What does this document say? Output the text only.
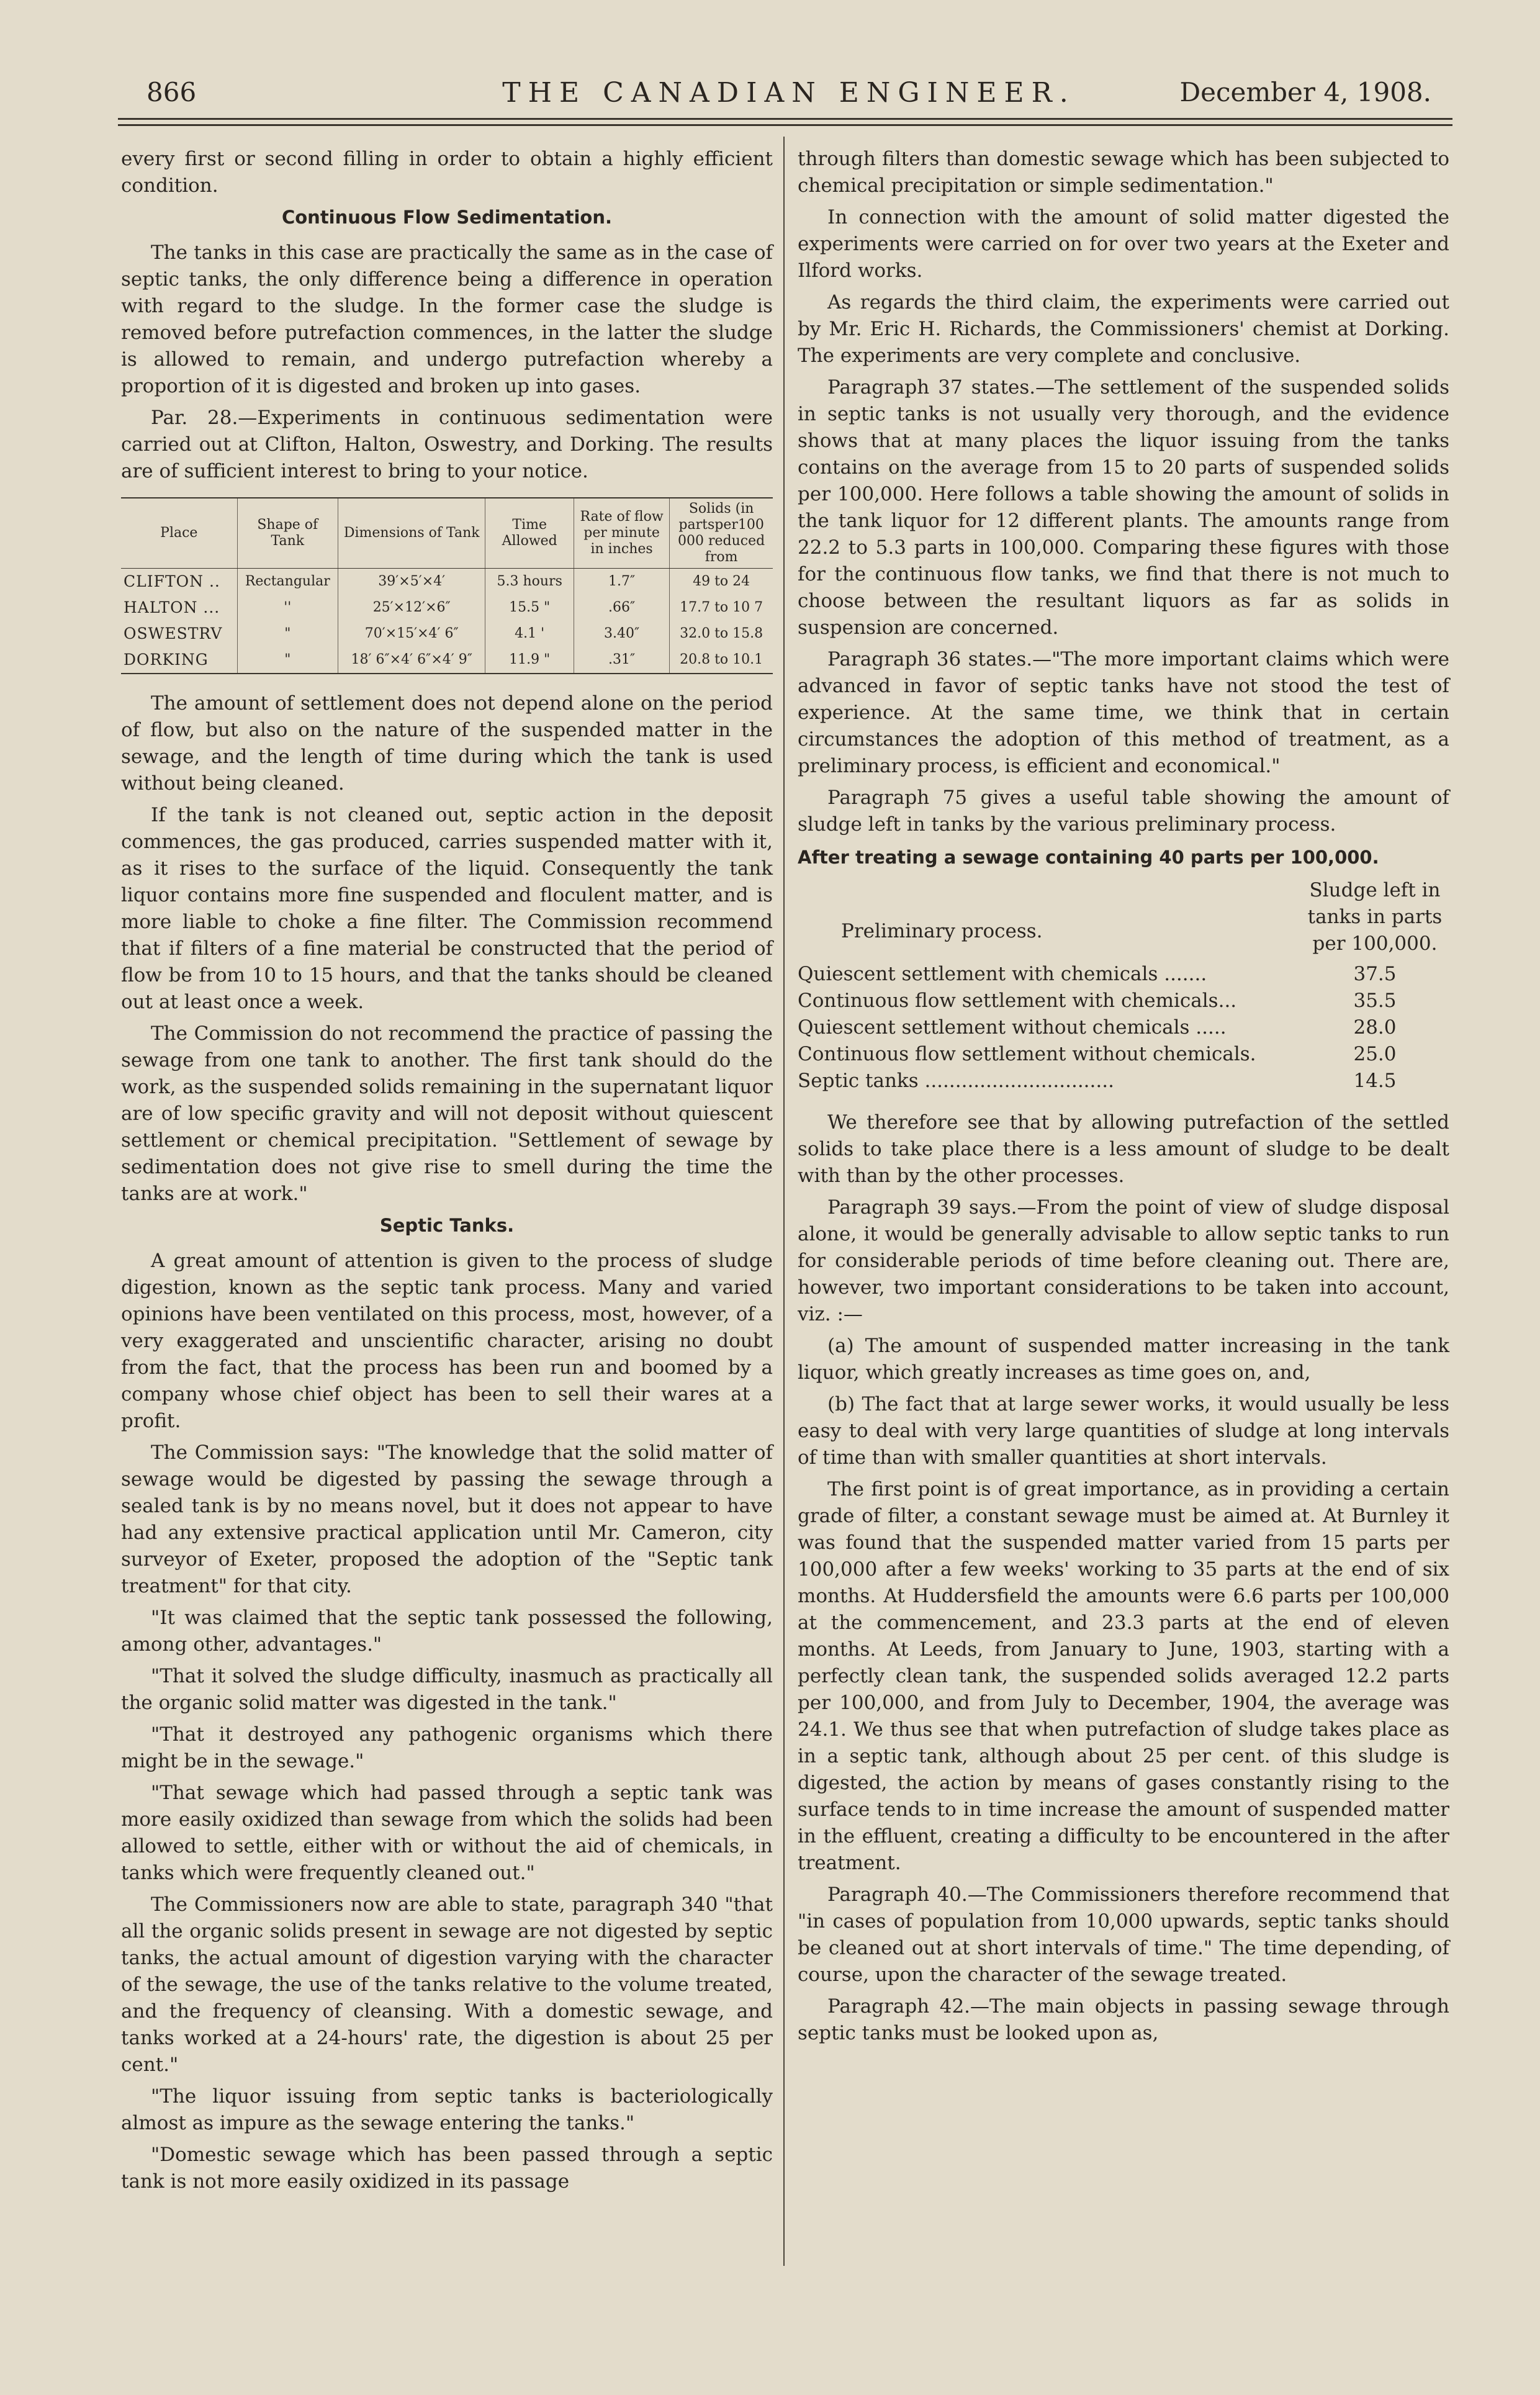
866	THE CANADIAN ENGINEER.	December 4, 1908.

every first or second filling in order to obtain a highly efficient condition.

Continuous Flow Sedimentation.

The tanks in this case are practically the same as in the case of septic tanks, the only difference being a difference in operation with regard to the sludge. In the former case the sludge is removed before putrefaction commences, in the latter the sludge is allowed to remain, and undergo putrefaction whereby a proportion of it is digested and broken up into gases.

Par. 28.—Experiments in continuous sedimentation were carried out at Clifton, Halton, Oswestry, and Dorking. The results are of sufficient interest to bring to your notice.

Place	Shape of Tank	Dimensions of Tank	Time Allowed	Rate of flow per minute in inches	Solids (in partsper100 000 reduced from
CLIFTON ..	Rectangular	39′×5′×4′	5.3 hours	1.7″	49 to 24
HALTON ...	''	25′×12′×6″	15.5 "	.66″	17.7 to 10 7
OSWESTRV	"	70′×15′×4′ 6″	4.1 '	3.40″	32.0 to 15.8
DORKING	"	18′ 6″×4′ 6″×4′ 9″	11.9 "	.31″	20.8 to 10.1

The amount of settlement does not depend alone on the period of flow, but also on the nature of the suspended matter in the sewage, and the length of time during which the tank is used without being cleaned.

If the tank is not cleaned out, septic action in the deposit commences, the gas produced, carries suspended matter with it, as it rises to the surface of the liquid. Consequently the tank liquor contains more fine suspended and floculent matter, and is more liable to choke a fine filter. The Commission recommend that if filters of a fine material be constructed that the period of flow be from 10 to 15 hours, and that the tanks should be cleaned out at least once a week.

The Commission do not recommend the practice of passing the sewage from one tank to another. The first tank should do the work, as the suspended solids remaining in the supernatant liquor are of low specific gravity and will not deposit without quiescent settlement or chemical precipitation. "Settlement of sewage by sedimentation does not give rise to smell during the time the tanks are at work."

Septic Tanks.

A great amount of attention is given to the process of sludge digestion, known as the septic tank process. Many and varied opinions have been ventilated on this process, most, however, of a very exaggerated and unscientific character, arising no doubt from the fact, that the process has been run and boomed by a company whose chief object has been to sell their wares at a profit.

The Commission says: "The knowledge that the solid matter of sewage would be digested by passing the sewage through a sealed tank is by no means novel, but it does not appear to have had any extensive practical application until Mr. Cameron, city surveyor of Exeter, proposed the adoption of the "Septic tank treatment" for that city.

"It was claimed that the septic tank possessed the following, among other, advantages."

"That it solved the sludge difficulty, inasmuch as practically all the organic solid matter was digested in the tank."

"That it destroyed any pathogenic organisms which there might be in the sewage."

"That sewage which had passed through a septic tank was more easily oxidized than sewage from which the solids had been allowed to settle, either with or without the aid of chemicals, in tanks which were frequently cleaned out."

The Commissioners now are able to state, paragraph 340 "that all the organic solids present in sewage are not digested by septic tanks, the actual amount of digestion varying with the character of the sewage, the use of the tanks relative to the volume treated, and the frequency of cleansing. With a domestic sewage, and tanks worked at a 24-hours' rate, the digestion is about 25 per cent."

"The liquor issuing from septic tanks is bacteriologically almost as impure as the sewage entering the tanks."

"Domestic sewage which has been passed through a septic tank is not more easily oxidized in its passage

through filters than domestic sewage which has been subjected to chemical precipitation or simple sedimentation."

In connection with the amount of solid matter digested the experiments were carried on for over two years at the Exeter and Ilford works.

As regards the third claim, the experiments were carried out by Mr. Eric H. Richards, the Commissioners' chemist at Dorking. The experiments are very complete and conclusive.

Paragraph 37 states.—The settlement of the suspended solids in septic tanks is not usually very thorough, and the evidence shows that at many places the liquor issuing from the tanks contains on the average from 15 to 20 parts of suspended solids per 100,000. Here follows a table showing the amount of solids in the tank liquor for 12 different plants. The amounts range from 22.2 to 5.3 parts in 100,000. Comparing these figures with those for the continuous flow tanks, we find that there is not much to choose between the resultant liquors as far as solids in suspension are concerned.

Paragraph 36 states.—"The more important claims which were advanced in favor of septic tanks have not stood the test of experience. At the same time, we think that in certain circumstances the adoption of this method of treatment, as a preliminary process, is efficient and economical."

Paragraph 75 gives a useful table showing the amount of sludge left in tanks by the various preliminary process.

After treating a sewage containing 40 parts per 100,000.
Preliminary process.
Sludge left in tanks in parts per 100,000.
Quiescent settlement with chemicals .......	37.5
Continuous flow settlement with chemicals...	35.5
Quiescent settlement without chemicals .....	28.0
Continuous flow settlement without chemicals.	25.0
Septic tanks ...............................	14.5

We therefore see that by allowing putrefaction of the settled solids to take place there is a less amount of sludge to be dealt with than by the other processes.

Paragraph 39 says.—From the point of view of sludge disposal alone, it would be generally advisable to allow septic tanks to run for considerable periods of time before cleaning out. There are, however, two important considerations to be taken into account, viz. :—

(a) The amount of suspended matter increasing in the tank liquor, which greatly increases as time goes on, and,

(b) The fact that at large sewer works, it would usually be less easy to deal with very large quantities of sludge at long intervals of time than with smaller quantities at short intervals.

The first point is of great importance, as in providing a certain grade of filter, a constant sewage must be aimed at. At Burnley it was found that the suspended matter varied from 15 parts per 100,000 after a few weeks' working to 35 parts at the end of six months. At Huddersfield the amounts were 6.6 parts per 100,000 at the commencement, and 23.3 parts at the end of eleven months. At Leeds, from January to June, 1903, starting with a perfectly clean tank, the suspended solids averaged 12.2 parts per 100,000, and from July to December, 1904, the average was 24.1. We thus see that when putrefaction of sludge takes place as in a septic tank, although about 25 per cent. of this sludge is digested, the action by means of gases constantly rising to the surface tends to in time increase the amount of suspended matter in the effluent, creating a difficulty to be encountered in the after treatment.

Paragraph 40.—The Commissioners therefore recommend that "in cases of population from 10,000 upwards, septic tanks should be cleaned out at short intervals of time." The time depending, of course, upon the character of the sewage treated.

Paragraph 42.—The main objects in passing sewage through septic tanks must be looked upon as,
